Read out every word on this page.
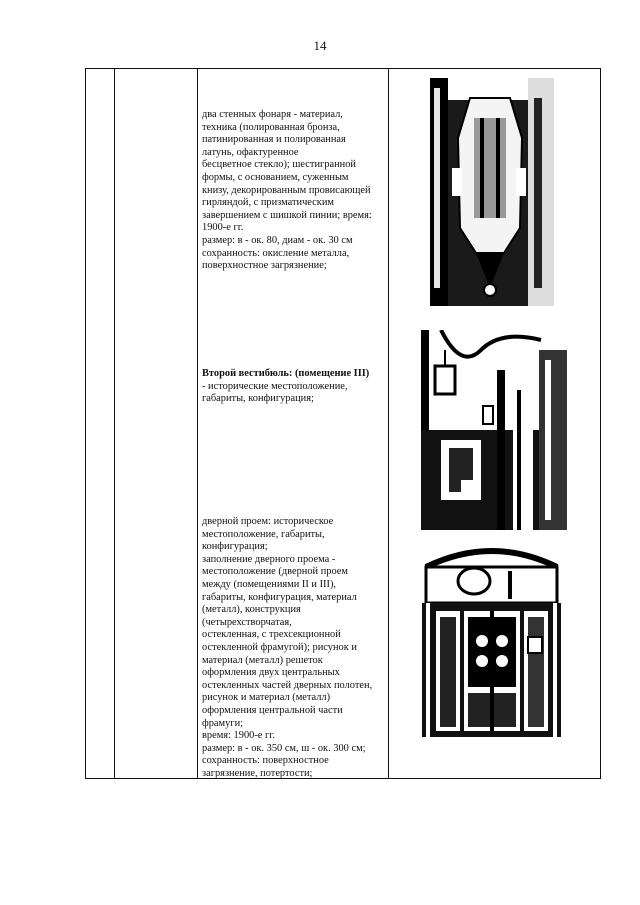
14
два стенных фонаря - материал,
техника (полированная бронза,
патинированная и полированная
латунь, офактуренное
бесцветное стекло); шестигранной
формы, с основанием, суженным
книзу, декорированным провисающей
гирляндой, с призматическим
завершением с шишкой пинии; время:
1900-е гг.
размер: в - ок. 80, диам - ок. 30 см
сохранность: окисление металла,
поверхностное загрязнение;
Второй вестибюль: (помещение III)
- исторические местоположение,
габариты, конфигурация;
дверной проем: историческое
местоположение, габариты,
конфигурация;
заполнение дверного проема -
местоположение (дверной проем
между (помещениями II и III),
габариты, конфигурация, материал
(металл), конструкция
(четырехстворчатая,
остекленная, с трехсекционной
остекленной фрамугой); рисунок и
материал (металл) решеток
оформления двух центральных
остекленных частей дверных полотен,
рисунок и материал (металл)
оформления центральной части
фрамуги;
время: 1900-е гг.
размер: в - ок. 350 см, ш - ок. 300 см;
сохранность: поверхностное
загрязнение, потертости;
